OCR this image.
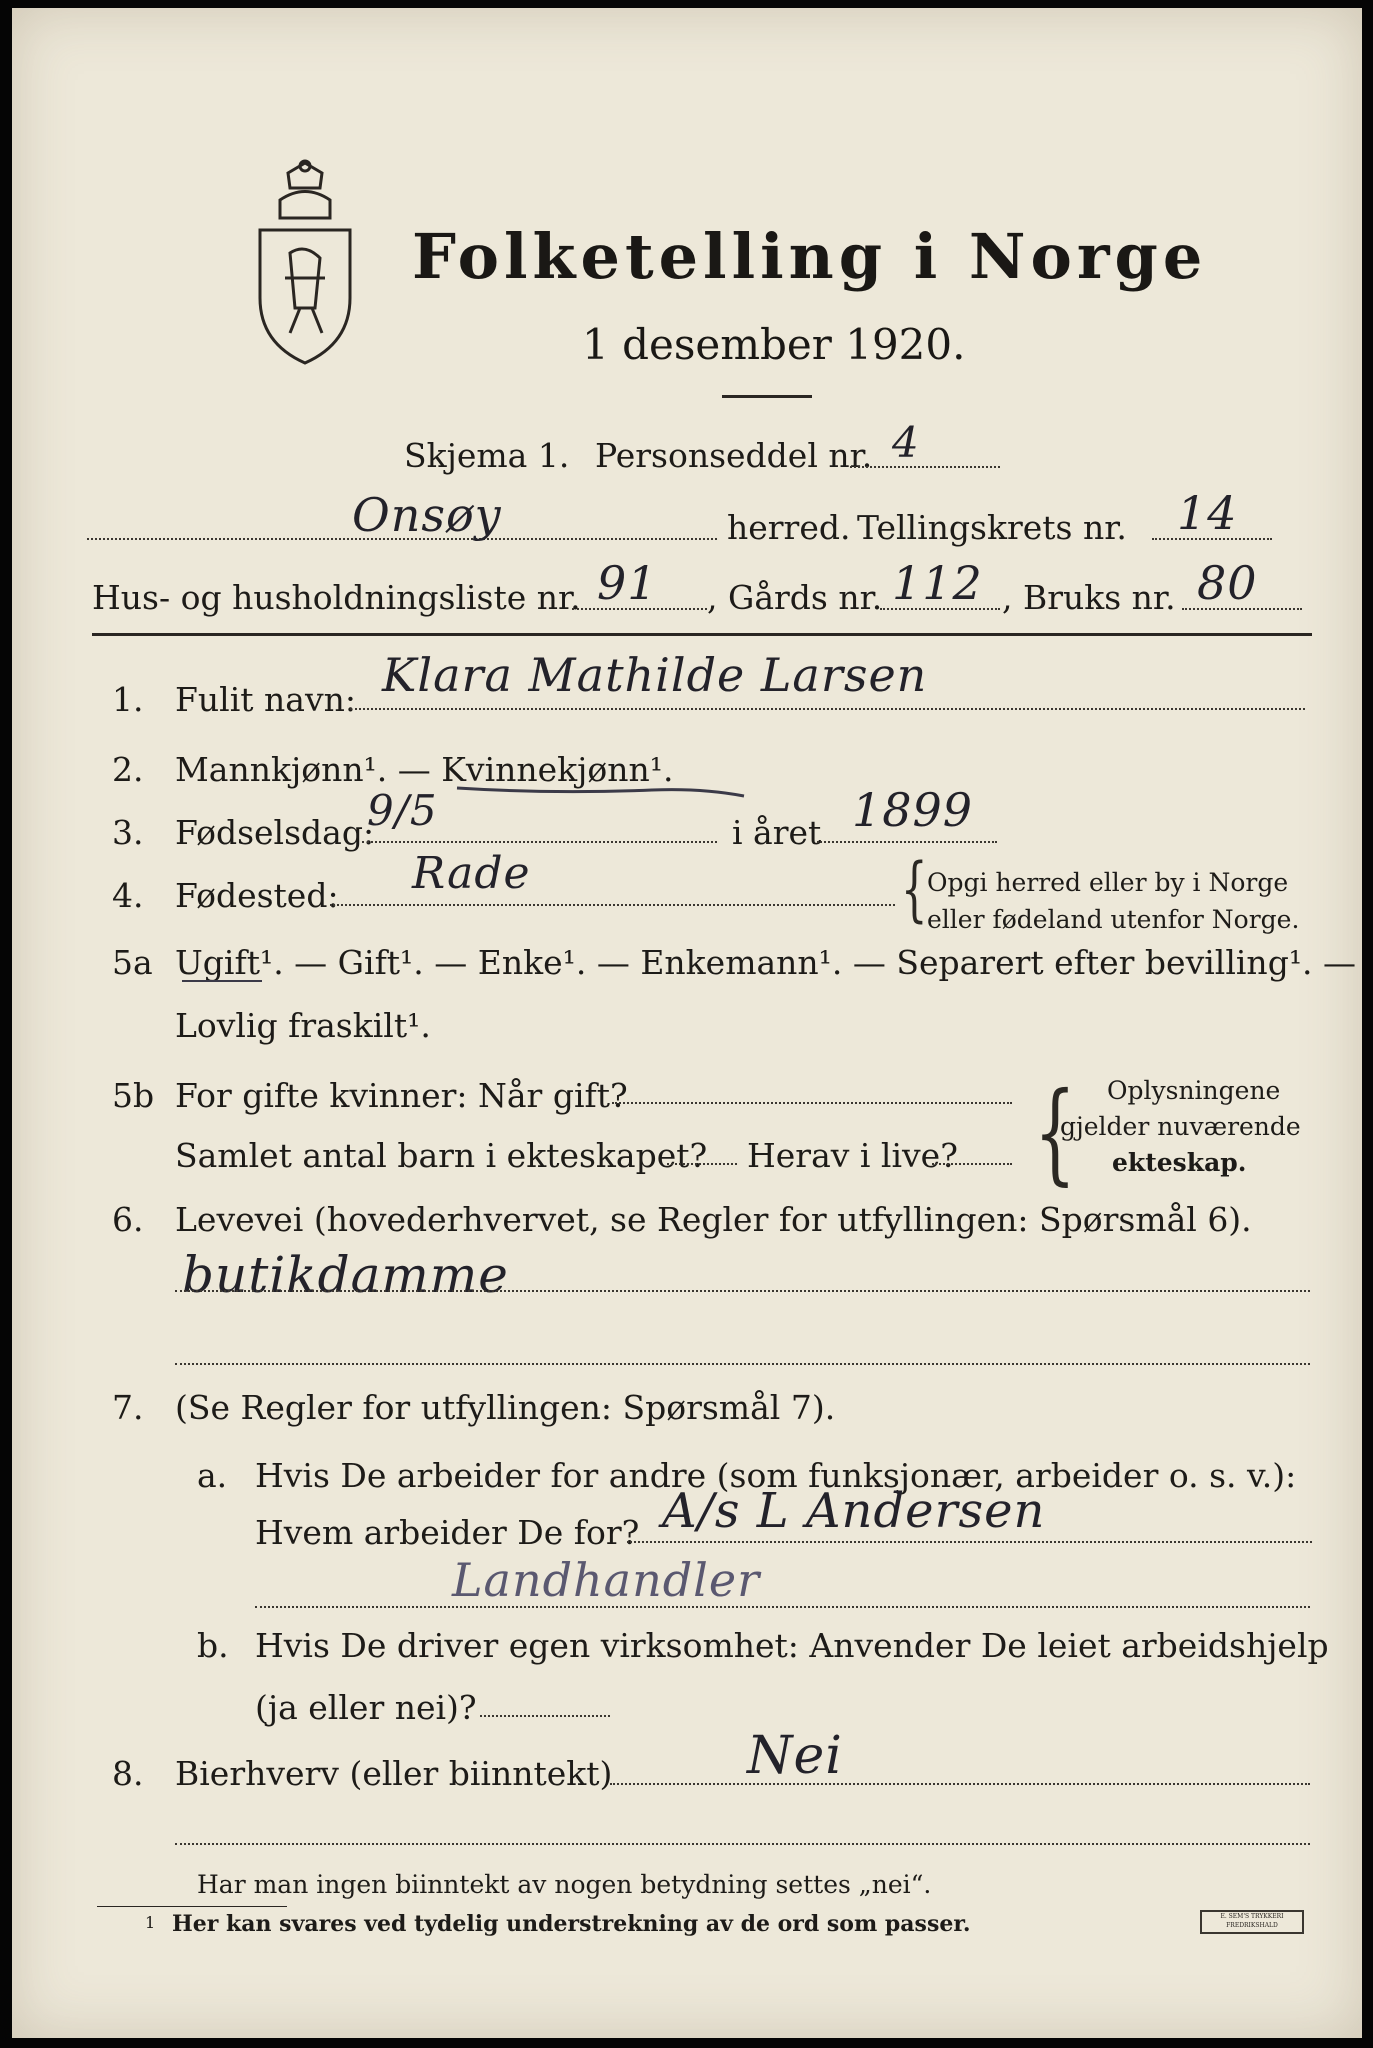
Folketelling i Norge
1 desember 1920.
Skjema 1. Personseddel nr. 4
Onsøy	herred. Tellingskrets nr. 14
Hus- og husholdningsliste nr. 91 , Gårds nr. 112 , Bruks nr. 80
1. Fulit navn: Klara Mathilde Larsen
2. Mannkjønn¹. — Kvinnekjønn¹.
3. Fødselsdag:
9/5	i året 1899
4. Fødested: Rade	{ Opgi herred eller by i Norge
eller fødeland utenfor Norge.
5a Ugift¹. — Gift¹. — Enke¹. — Enkemann¹. — Separert efter bevilling¹. —
Lovlig fraskilt¹.
5b For gifte kvinner: Når gift?
Samlet antal barn i ekteskapet? Herav i live? { Oplysningene
gjelder nuværende
ekteskap.
6. Levevei (hovederhvervet, se Regler for utfyllingen: Spørsmål 6).
butikdamme
7. (Se Regler for utfyllingen: Spørsmål 7).
a. Hvis De arbeider for andre (som funksjonær, arbeider o. s. v.):
Hvem arbeider De for? A/s L Andersen
Landhandler
b. Hvis De driver egen virksomhet: Anvender De leiet arbeidshjelp
(ja eller nei)?
8. Bierhverv (eller biinntekt)	Nei
Har man ingen biinntekt av nogen betydning settes „nei“.
1 Her kan svares ved tydelig understrekning av de ord som passer.	E. SEM'S TRYKKERI FREDRIKSHALD
